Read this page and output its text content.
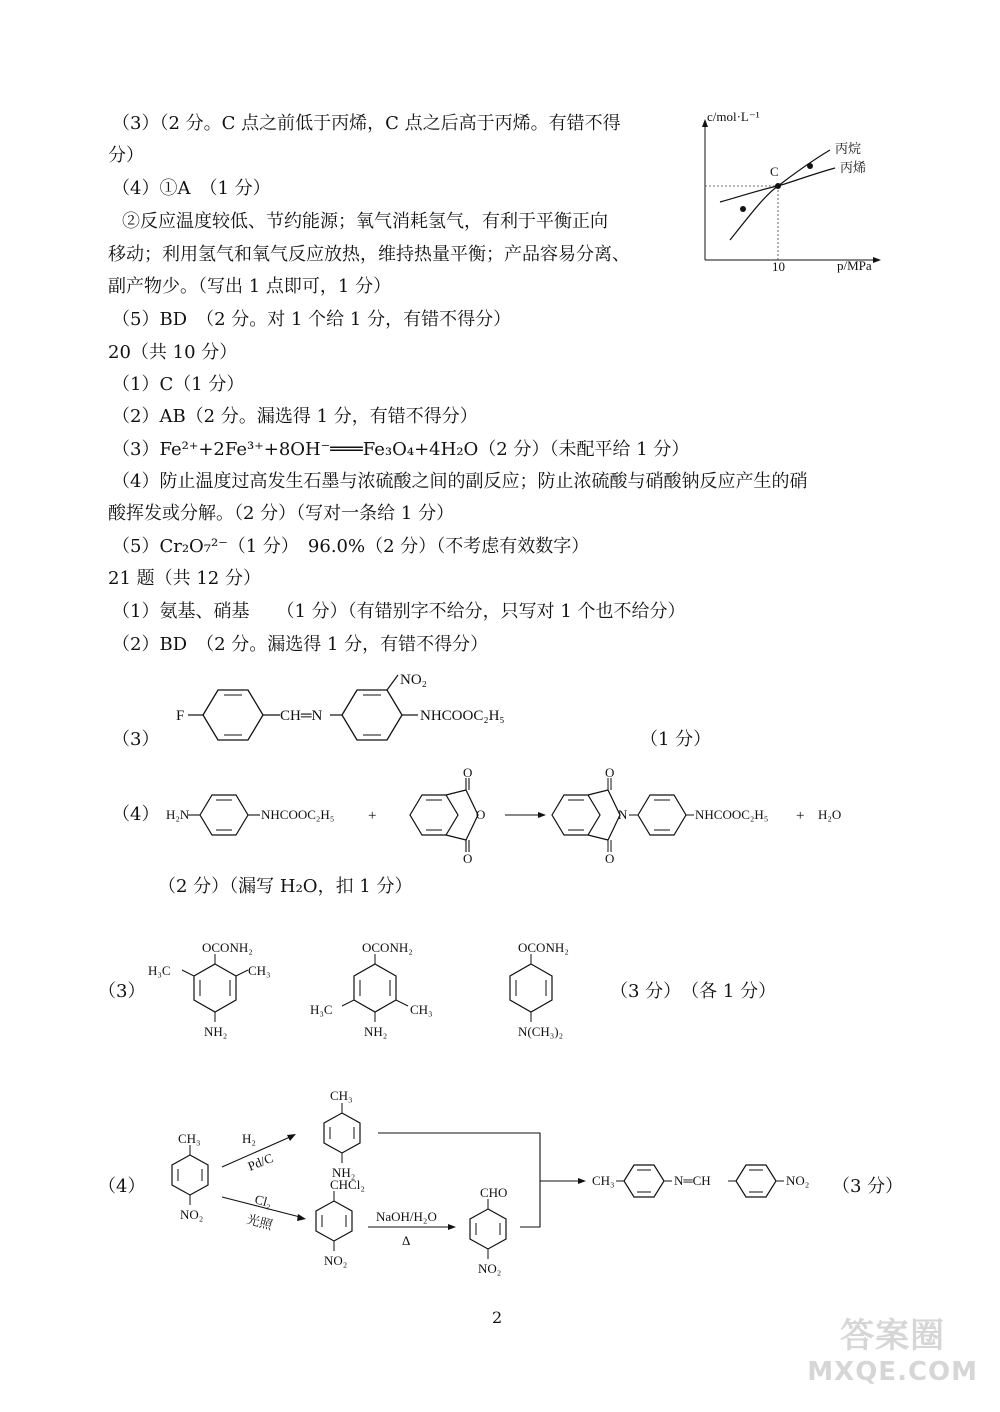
（3）（2 分。C 点之前低于丙烯，C 点之后高于丙烯。有错不得
分）
（4）①A　（1 分）
②反应温度较低、节约能源；氧气消耗氢气，有利于平衡正向
移动；利用氢气和氧气反应放热，维持热量平衡；产品容易分离、
副产物少。（写出 1 点即可，1 分）
（5）BD　（2 分。对 1 个给 1 分，有错不得分）
20（共 10 分）
（1）C（1 分）
（2）AB（2 分。漏选得 1 分，有错不得分）
（3）Fe²⁺+2Fe³⁺+8OH⁻═══Fe₃O₄+4H₂O（2 分）（未配平给 1 分）
（4）防止温度过高发生石墨与浓硫酸之间的副反应；防止浓硫酸与硝酸钠反应产生的硝
酸挥发或分解。（2 分）（写对一条给 1 分）
（5）Cr₂O₇²⁻（1 分）　96.0%（2 分）（不考虑有效数字）
21 题（共 12 分）
（1）氨基、硝基　　（1 分）（有错别字不给分，只写对 1 个也不给分）
（2）BD　（2 分。漏选得 1 分，有错不得分）
（3）	（1 分）
（4）
（2 分）（漏写 H₂O，扣 1 分）
（3）	（3 分）　（各 1 分）
（4）	（3 分）
c/mol·L⁻¹
p/MPa
10
C
丙烷
丙烯
F	CH═N
NO₂
NHCOOC₂H₅
H₂N	NHCOOC₂H₅ +
O
O
O
O
O
N	NHCOOC₂H₅ + H₂O
OCONH₂
H₃C	CH₃
NH₂
OCONH₂
H₃C	CH₃
NH₂
OCONH₂
N(CH₃)₂
CH₃
NO₂
H₂
Pd/C
CH₃
NH₂
Cl₂
光照
CHCl₂
NO₂
NaOH/H₂O
Δ
CHO
NO₂
CH₃	N═CH	NO₂
2	答案圈
MXQE.COM
